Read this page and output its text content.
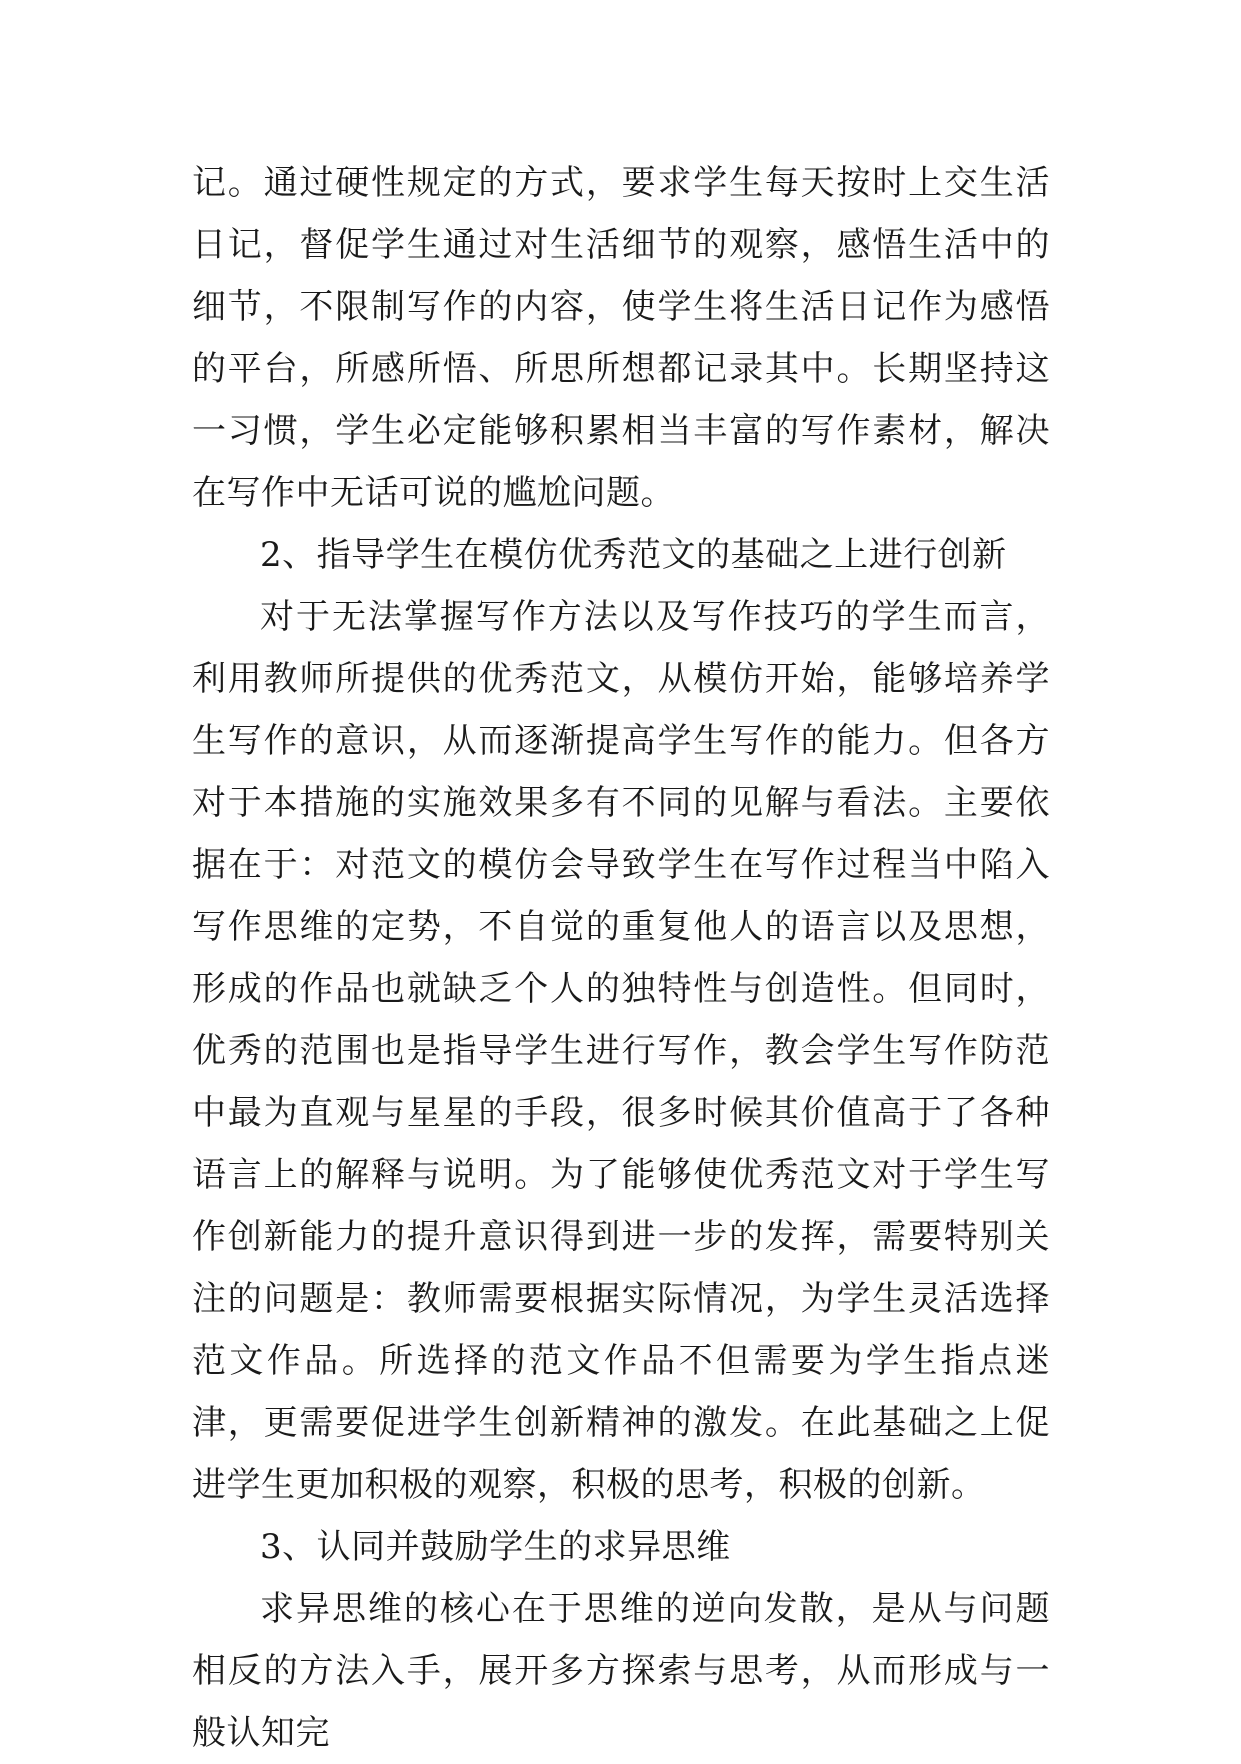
记。通过硬性规定的方式，要求学生每天按时上交生活日记，督促学生通过对生活细节的观察，感悟生活中的细节，不限制写作的内容，使学生将生活日记作为感悟的平台，所感所悟、所思所想都记录其中。长期坚持这一习惯，学生必定能够积累相当丰富的写作素材，解决在写作中无话可说的尴尬问题。

2、指导学生在模仿优秀范文的基础之上进行创新

对于无法掌握写作方法以及写作技巧的学生而言，利用教师所提供的优秀范文，从模仿开始，能够培养学生写作的意识，从而逐渐提高学生写作的能力。但各方对于本措施的实施效果多有不同的见解与看法。主要依据在于：对范文的模仿会导致学生在写作过程当中陷入写作思维的定势，不自觉的重复他人的语言以及思想，形成的作品也就缺乏个人的独特性与创造性。但同时，优秀的范围也是指导学生进行写作，教会学生写作防范中最为直观与星星的手段，很多时候其价值高于了各种语言上的解释与说明。为了能够使优秀范文对于学生写作创新能力的提升意识得到进一步的发挥，需要特别关注的问题是：教师需要根据实际情况，为学生灵活选择范文作品。所选择的范文作品不但需要为学生指点迷津，更需要促进学生创新精神的激发。在此基础之上促进学生更加积极的观察，积极的思考，积极的创新。

3、认同并鼓励学生的求异思维

求异思维的核心在于思维的逆向发散，是从与问题相反的方法入手，展开多方探索与思考，从而形成与一般认知完
